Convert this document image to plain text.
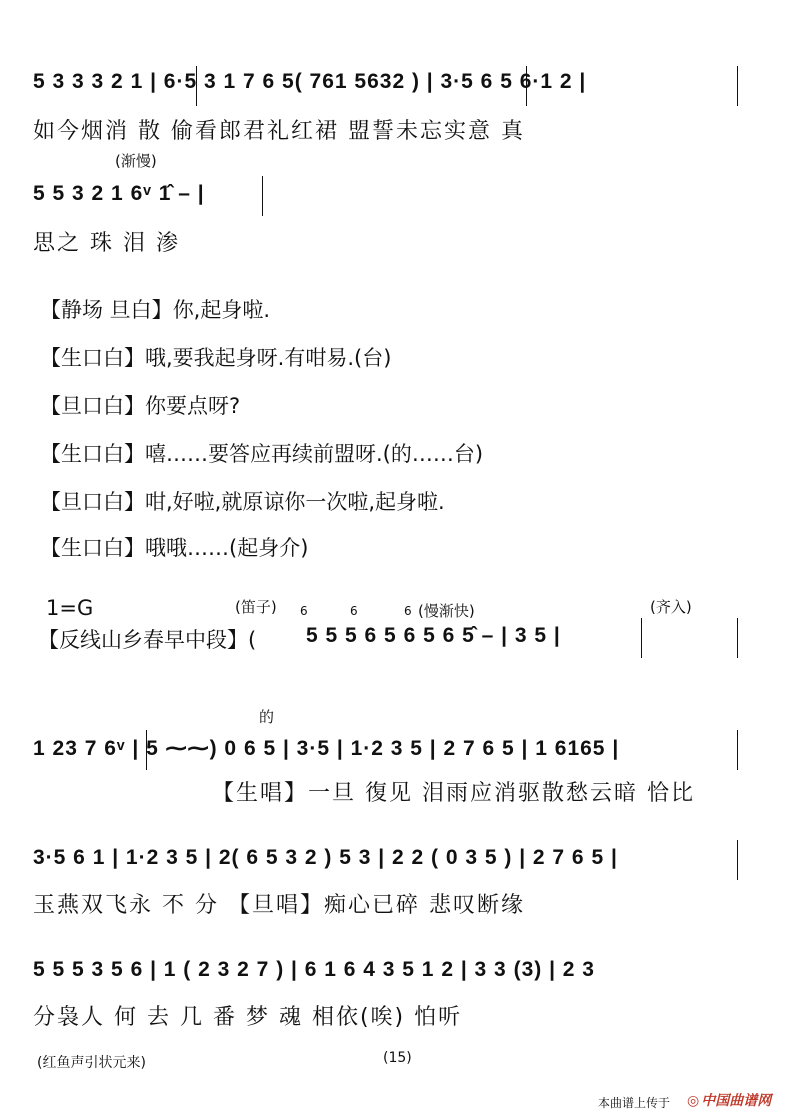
5 3 3 3 2 1 | 6·5 3 1 7 6 5( 761 5632 ) | 3·5 6 5 6·1 2 |
如今烟消 散 偷看郎君礼红裙 盟誓未忘实意 真
(渐慢)
5 5 3 2 1 6ᵛ 1̂ – |
思之 珠 泪 渗
【静场 旦白】你,起身啦.
【生口白】哦,要我起身呀.有咁易.(台)
【旦口白】你要点呀?
【生口白】嘻……要答应再续前盟呀.(的……台)
【旦口白】咁,好啦,就原谅你一次啦,起身啦.
【生口白】哦哦……(起身介)
1=G	(笛子)	(慢渐快)	(齐入)
6	6	6
【反线山乡春早中段】( 5 5 5 6 5 6 5 6 5̂ – | 3 5 |
的
1 23 7 6ᵛ | 5 ⁓⁓) 0 6 5 | 3·5 | 1·2 3 5 | 2 7 6 5 | 1 6165 |
【生唱】一旦 復见 泪雨应消驱散愁云暗 恰比
3·5 6 1 | 1·2 3 5 | 2( 6 5 3 2 ) 5 3 | 2 2 ( 0 3 5 ) | 2 7 6 5 |
玉燕双飞永 不 分 【旦唱】痴心已碎 悲叹断缘
5 5 5 3 5 6 | 1 ( 2 3 2 7 ) | 6 1 6 4 3 5 1 2 | 3 3 (3) | 2 3
分袅人 何 去 几 番 梦 魂 相依(唉) 怕听
(红鱼声引状元来)	(15)
本曲谱上传于 ◎ 中国曲谱网
